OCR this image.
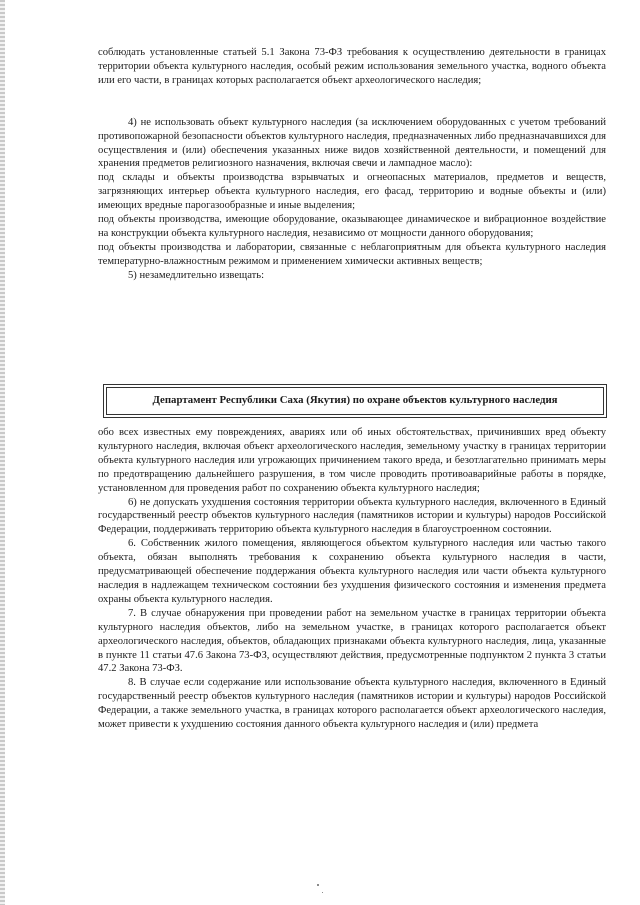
соблюдать установленные статьей 5.1 Закона 73-ФЗ требования к осуществлению деятельности в границах территории объекта культурного наследия, особый режим использования земельного участка, водного объекта или его части, в границах которых располагается объект археологического наследия;

4) не использовать объект культурного наследия (за исключением оборудованных с учетом требований противопожарной безопасности объектов культурного наследия, предназначенных либо предназначавшихся для осуществления и (или) обеспечения указанных ниже видов хозяйственной деятельности, и помещений для хранения предметов религиозного назначения, включая свечи и лампадное масло):

под склады и объекты производства взрывчатых и огнеопасных материалов, предметов и веществ, загрязняющих интерьер объекта культурного наследия, его фасад, территорию и водные объекты и (или) имеющих вредные парогазообразные и иные выделения;

под объекты производства, имеющие оборудование, оказывающее динамическое и вибрационное воздействие на конструкции объекта культурного наследия, независимо от мощности данного оборудования;

под объекты производства и лаборатории, связанные с неблагоприятным для объекта культурного наследия температурно-влажностным режимом и применением химически активных веществ;

5) незамедлительно извещать:

Департамент Республики Саха (Якутия) по охране объектов культурного наследия

обо всех известных ему повреждениях, авариях или об иных обстоятельствах, причинивших вред объекту культурного наследия, включая объект археологического наследия, земельному участку в границах территории объекта культурного наследия или угрожающих причинением такого вреда, и безотлагательно принимать меры по предотвращению дальнейшего разрушения, в том числе проводить противоаварийные работы в порядке, установленном для проведения работ по сохранению объекта культурного наследия;

6) не допускать ухудшения состояния территории объекта культурного наследия, включенного в Единый государственный реестр объектов культурного наследия (памятников истории и культуры) народов Российской Федерации, поддерживать территорию объекта культурного наследия в благоустроенном состоянии.

6. Собственник жилого помещения, являющегося объектом культурного наследия или частью такого объекта, обязан выполнять требования к сохранению объекта культурного наследия в части, предусматривающей обеспечение поддержания объекта культурного наследия или части объекта культурного наследия в надлежащем техническом состоянии без ухудшения физического состояния и изменения предмета охраны объекта культурного наследия.

7. В случае обнаружения при проведении работ на земельном участке в границах территории объекта культурного наследия объектов, либо на земельном участке, в границах которого располагается объект археологического наследия, объектов, обладающих признаками объекта культурного наследия, лица, указанные в пункте 11 статьи 47.6 Закона 73-ФЗ, осуществляют действия, предусмотренные подпунктом 2 пункта 3 статьи 47.2 Закона 73-ФЗ.

8. В случае если содержание или использование объекта культурного наследия, включенного в Единый государственный реестр объектов культурного наследия (памятников истории и культуры) народов Российской Федерации, а также земельного участка, в границах которого располагается объект археологического наследия, может привести к ухудшению состояния данного объекта культурного наследия и (или) предмета
